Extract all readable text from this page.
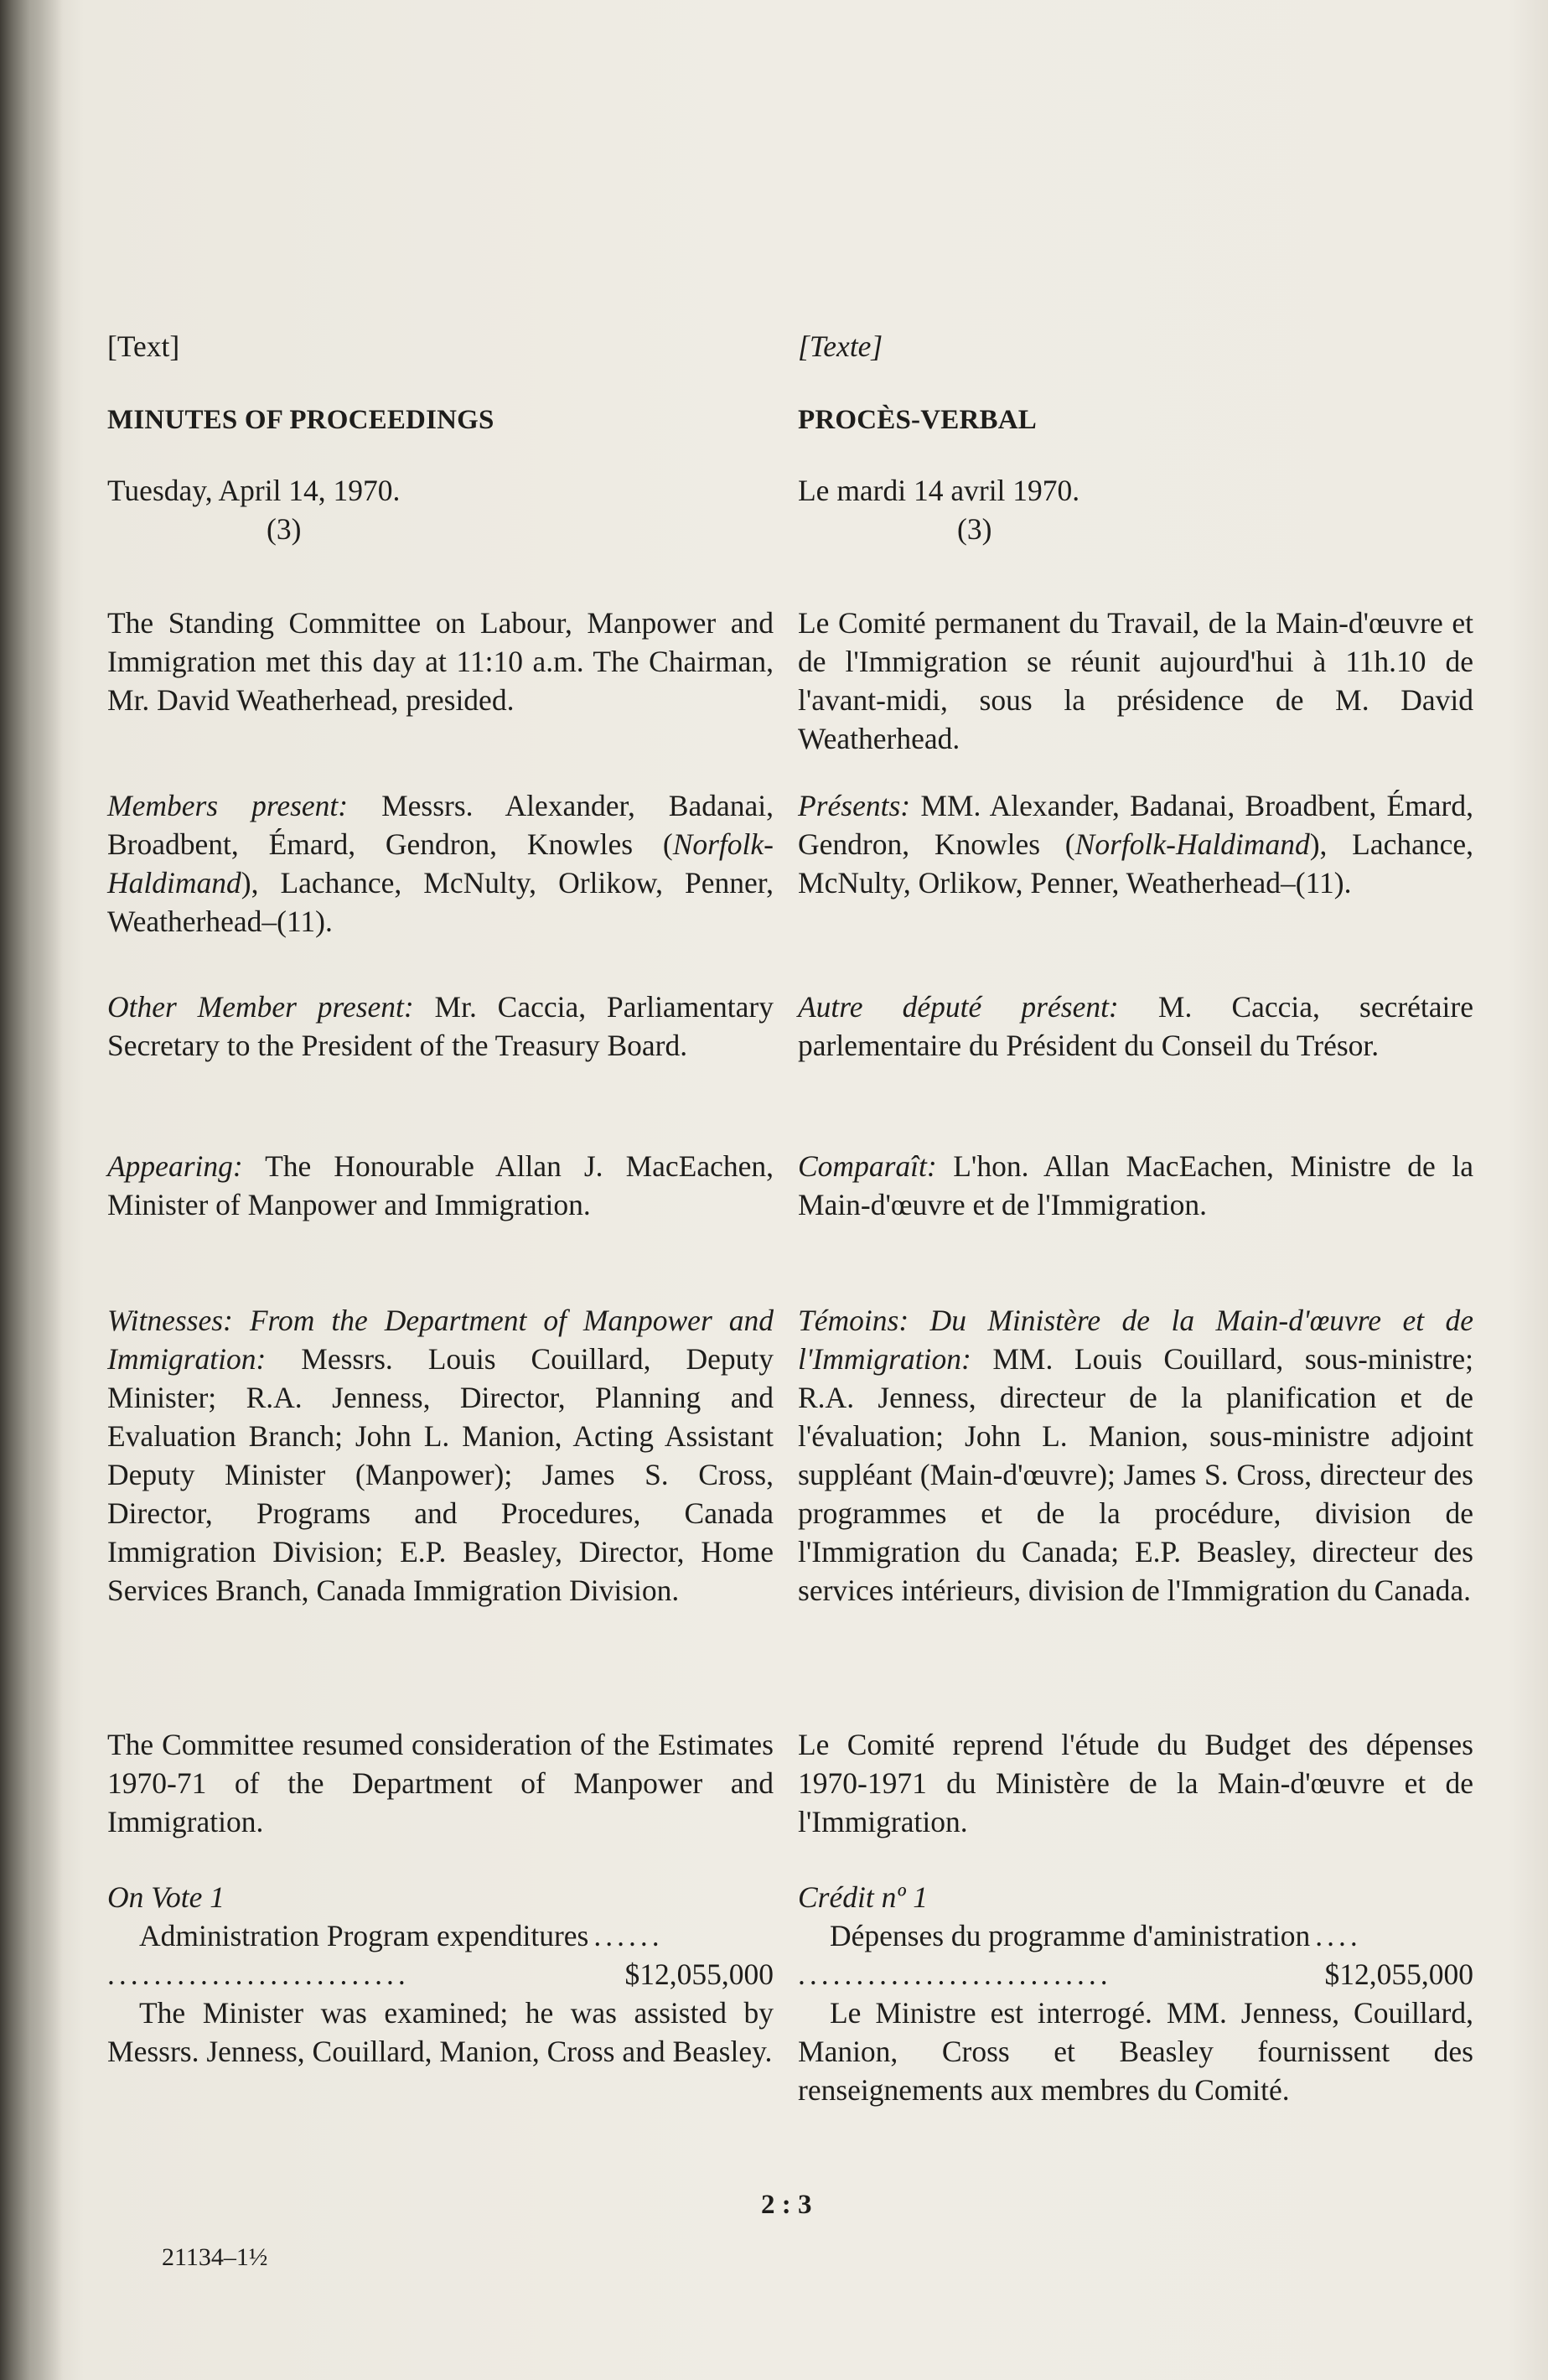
[Text]

MINUTES OF PROCEEDINGS

Tuesday, April 14, 1970.

(3)

The Standing Committee on Labour, Manpower and Immigration met this day at 11:10 a.m. The Chairman, Mr. David Weatherhead, presided.

Members present: Messrs. Alexander, Badanai, Broadbent, Émard, Gendron, Knowles (Norfolk-Haldimand), Lachance, McNulty, Orlikow, Penner, Weatherhead–(11).

Other Member present: Mr. Caccia, Parliamentary Secretary to the President of the Treasury Board.

Appearing: The Honourable Allan J. MacEachen, Minister of Manpower and Immigration.

Witnesses: From the Department of Manpower and Immigration: Messrs. Louis Couillard, Deputy Minister; R.A. Jenness, Director, Planning and Evaluation Branch; John L. Manion, Acting Assistant Deputy Minister (Manpower); James S. Cross, Director, Programs and Procedures, Canada Immigration Division; E.P. Beasley, Director, Home Services Branch, Canada Immigration Division.

The Committee resumed consideration of the Estimates 1970-71 of the Department of Manpower and Immigration.

On Vote 1

Administration Program expenditures ......
..........................	$12,055,000

The Minister was examined; he was assisted by Messrs. Jenness, Couillard, Manion, Cross and Beasley.

[Texte]

PROCÈS-VERBAL

Le mardi 14 avril 1970.

(3)

Le Comité permanent du Travail, de la Main-d'œuvre et de l'Immigration se réunit aujourd'hui à 11h.10 de l'avant-midi, sous la présidence de M. David Weatherhead.

Présents: MM. Alexander, Badanai, Broadbent, Émard, Gendron, Knowles (Norfolk-Haldimand), Lachance, McNulty, Orlikow, Penner, Weatherhead–(11).

Autre député présent: M. Caccia, secrétaire parlementaire du Président du Conseil du Trésor.

Comparaît: L'hon. Allan MacEachen, Ministre de la Main-d'œuvre et de l'Immigration.

Témoins: Du Ministère de la Main-d'œuvre et de l'Immigration: MM. Louis Couillard, sous-ministre; R.A. Jenness, directeur de la planification et de l'évaluation; John L. Manion, sous-ministre adjoint suppléant (Main-d'œuvre); James S. Cross, directeur des programmes et de la procédure, division de l'Immigration du Canada; E.P. Beasley, directeur des services intérieurs, division de l'Immigration du Canada.

Le Comité reprend l'étude du Budget des dépenses 1970-1971 du Ministère de la Main-d'œuvre et de l'Immigration.

Crédit nº 1

Dépenses du programme d'aministration ....
...........................	$12,055,000

Le Ministre est interrogé. MM. Jenness, Couillard, Manion, Cross et Beasley fournissent des renseignements aux membres du Comité.

2 : 3
21134–1½
